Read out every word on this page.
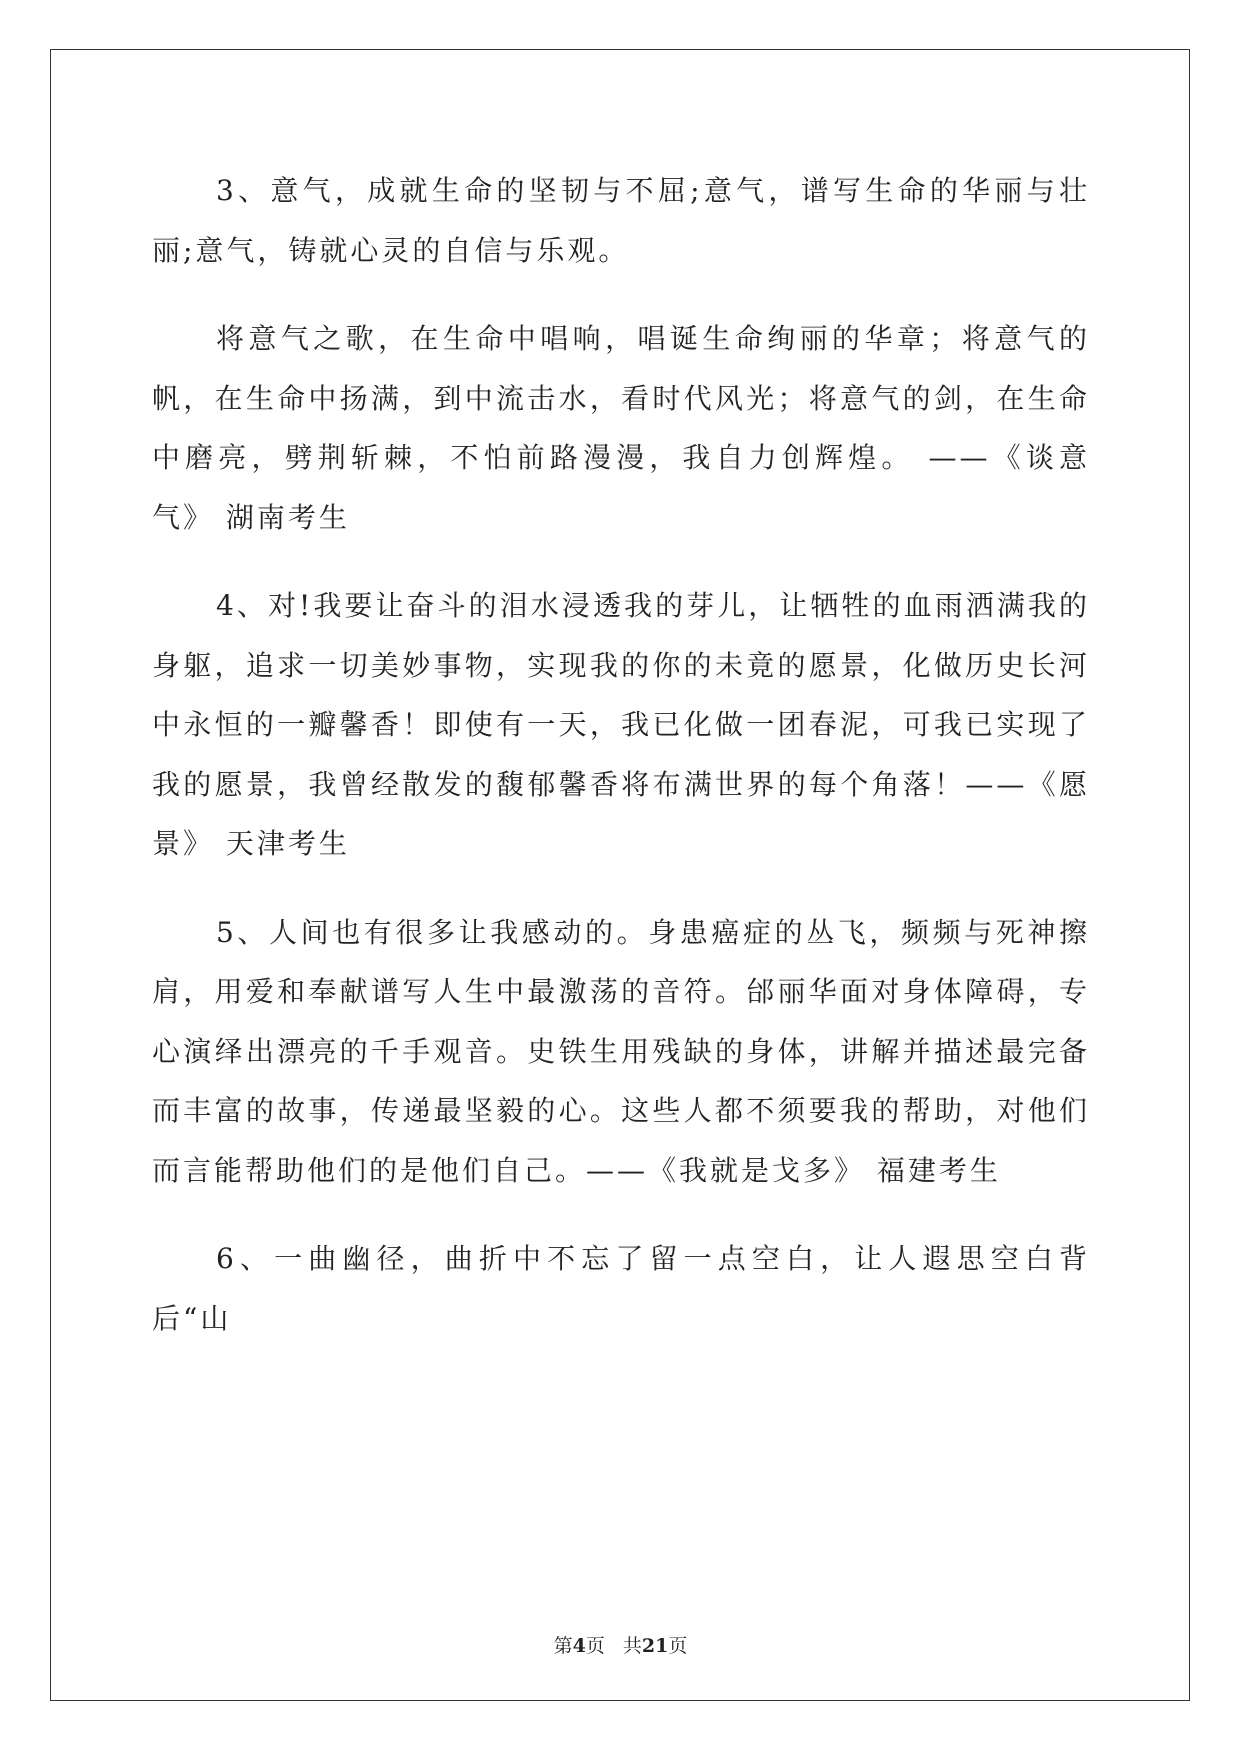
3、意气，成就生命的坚韧与不屈;意气，谱写生命的华丽与壮丽;意气，铸就心灵的自信与乐观。

将意气之歌，在生命中唱响，唱诞生命绚丽的华章；将意气的帆，在生命中扬满，到中流击水，看时代风光；将意气的剑，在生命中磨亮，劈荆斩棘，不怕前路漫漫，我自力创辉煌。 ——《谈意气》 湖南考生

4、对!我要让奋斗的泪水浸透我的芽儿，让牺牲的血雨洒满我的身躯，追求一切美妙事物，实现我的你的未竟的愿景，化做历史长河中永恒的一瓣馨香！即使有一天，我已化做一团春泥，可我已实现了我的愿景，我曾经散发的馥郁馨香将布满世界的每个角落！——《愿景》 天津考生

5、人间也有很多让我感动的。身患癌症的丛飞，频频与死神擦肩，用爱和奉献谱写人生中最激荡的音符。邰丽华面对身体障碍，专心演绎出漂亮的千手观音。史铁生用残缺的身体，讲解并描述最完备而丰富的故事，传递最坚毅的心。这些人都不须要我的帮助，对他们而言能帮助他们的是他们自己。——《我就是戈多》 福建考生

6、一曲幽径，曲折中不忘了留一点空白，让人遐思空白背后“山

第4页 共21页
